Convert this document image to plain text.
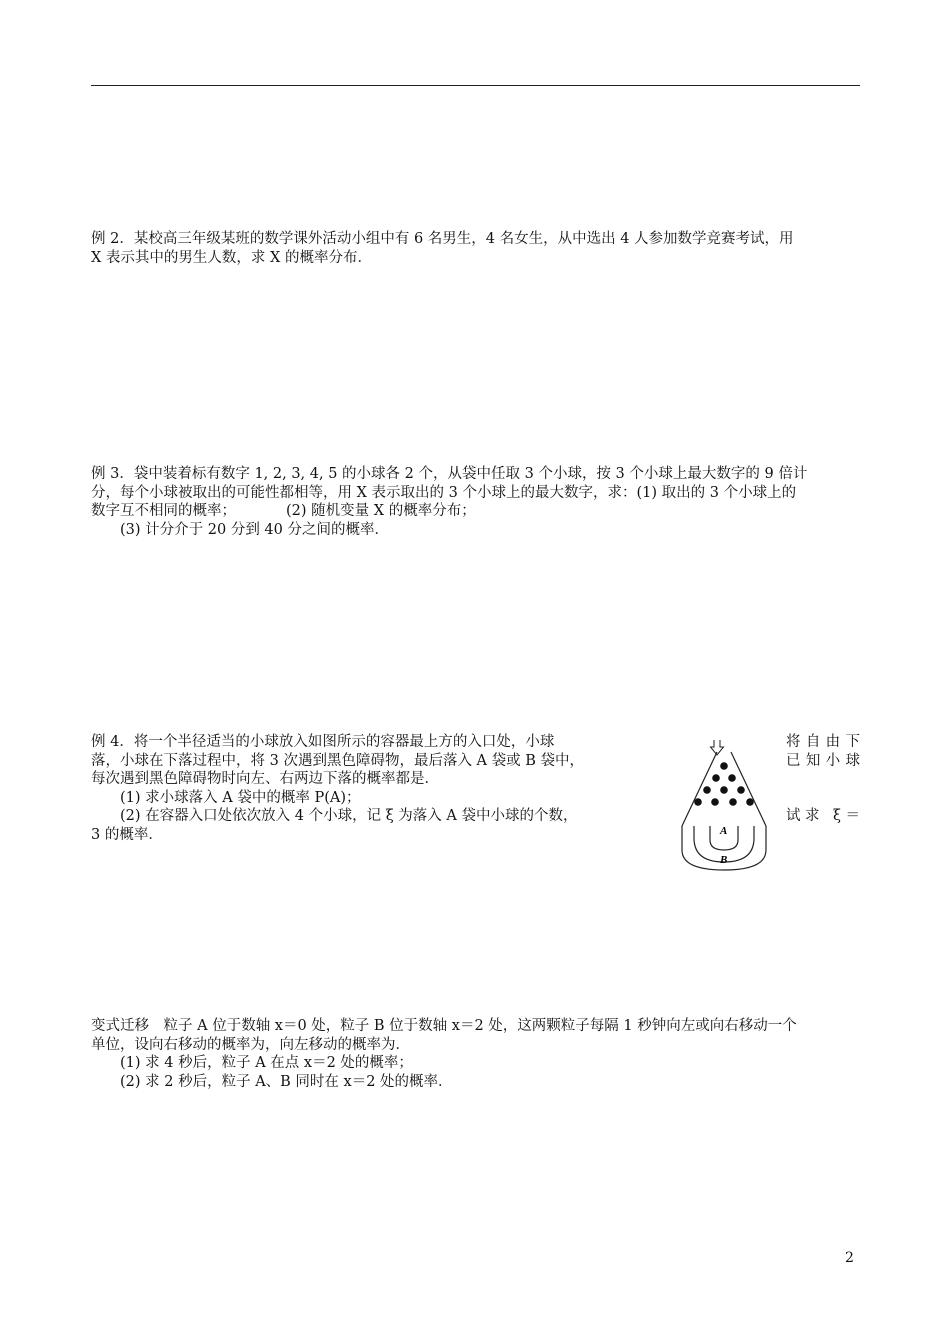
例 2．某校高三年级某班的数学课外活动小组中有 6 名男生，4 名女生，从中选出 4 人参加数学竞赛考试，用

X 表示其中的男生人数，求 X 的概率分布．

例 3．袋中装着标有数字 1, 2, 3, 4, 5 的小球各 2 个，从袋中任取 3 个小球，按 3 个小球上最大数字的 9 倍计

分，每个小球被取出的可能性都相等，用 X 表示取出的 3 个小球上的最大数字，求：(1) 取出的 3 个小球上的

数字互不相同的概率；	(2) 随机变量 X 的概率分布；

(3) 计分介于 20 分到 40 分之间的概率．

例 4．将一个半径适当的小球放入如图所示的容器最上方的入口处，小球

落，小球在下落过程中，将 3 次遇到黑色障碍物，最后落入 A 袋或 B 袋中，

每次遇到黑色障碍物时向左、右两边下落的概率都是．

(1) 求小球落入 A 袋中的概率 P(A)；

(2) 在容器入口处依次放入 4 个小球，记 ξ 为落入 A 袋中小球的个数，

3 的概率．

将自由下

已知小球

试求 ξ＝

A
B

变式迁移　粒子 A 位于数轴 x＝0 处，粒子 B 位于数轴 x＝2 处，这两颗粒子每隔 1 秒钟向左或向右移动一个

单位，设向右移动的概率为，向左移动的概率为．

(1) 求 4 秒后，粒子 A 在点 x＝2 处的概率；

(2) 求 2 秒后，粒子 A、B 同时在 x＝2 处的概率．

2
